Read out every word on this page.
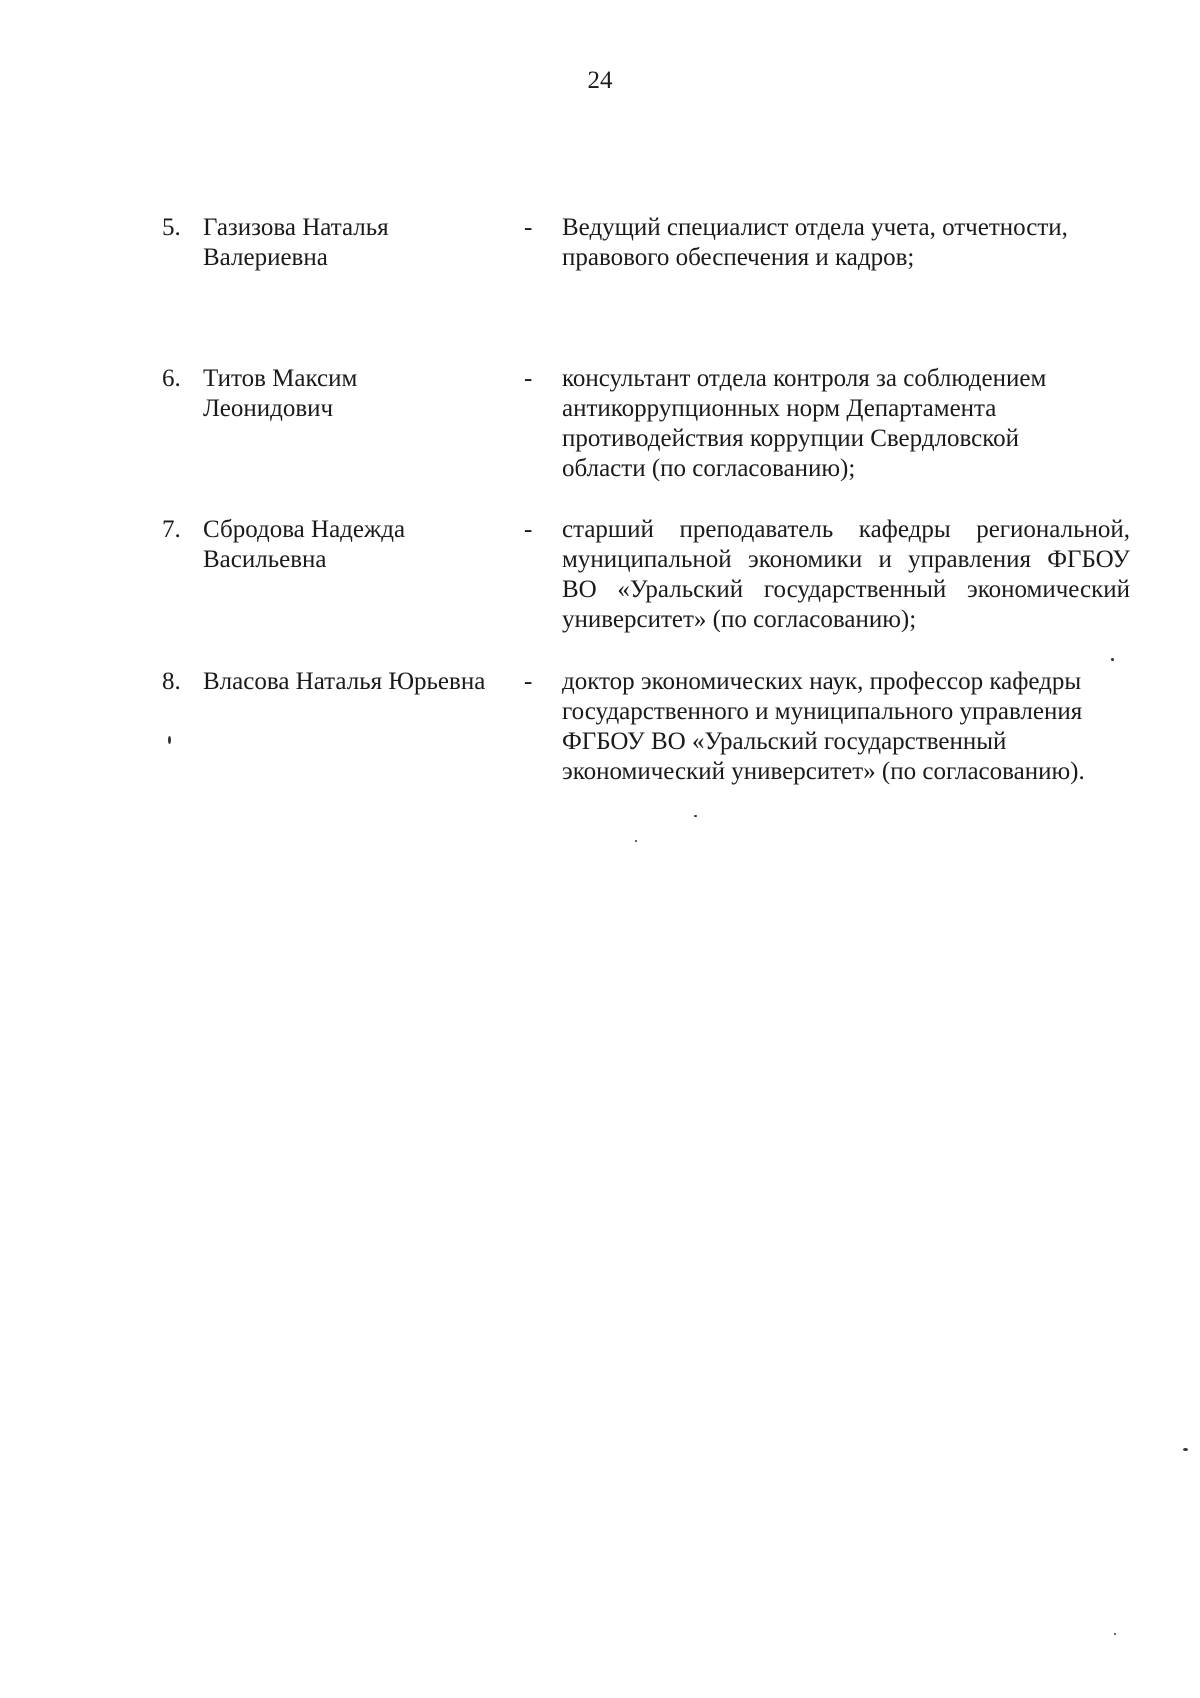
24
5. Газизова Наталья Валериевна
- Ведущий специалист отдела учета, отчетности, правового обеспечения и кадров;
6. Титов Максим Леонидович
- консультант отдела контроля за соблюдением антикоррупционных норм Департамента противодействия коррупции Свердловской области (по согласованию);
7. Сбродова Надежда Васильевна
- старший преподаватель кафедры региональной, муниципальной экономики и управления ФГБОУ ВО «Уральский государственный экономический университет» (по согласованию);
8. Власова Наталья Юрьевна	- доктор экономических наук, профессор кафедры государственного и муниципального управления ФГБОУ ВО «Уральский государственный экономический университет» (по согласованию).
